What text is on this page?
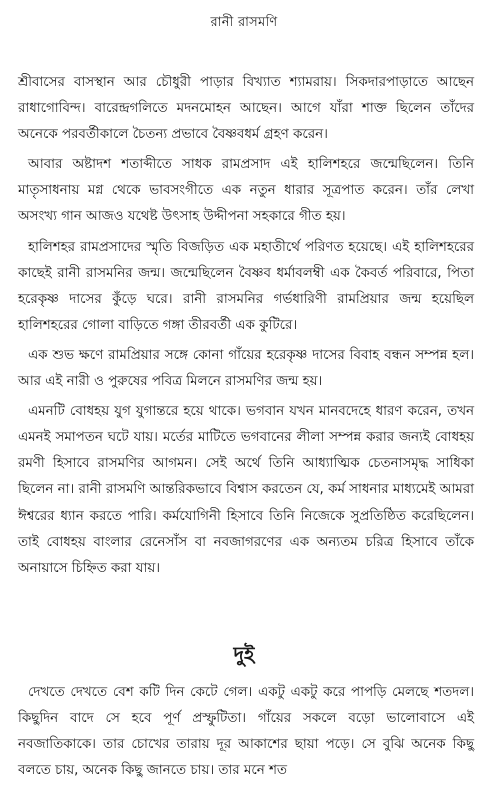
রানী রাসমণি

শ্রীবাসের বাসস্থান আর চৌধুরী পাড়ার বিখ্যাত শ্যামরায়। সিকদারপাড়াতে আছেন রাধাগোবিন্দ। বারেন্দ্রগলিতে মদনমোহন আছেন। আগে যাঁরা শাক্ত ছিলেন তাঁদের অনেকে পরবর্তীকালে চৈতন্য প্রভাবে বৈষ্ণবধর্ম গ্রহণ করেন।

আবার অষ্টাদশ শতাব্দীতে সাধক রামপ্রসাদ এই হালিশহরে জন্মেছিলেন। তিনি মাতৃসাধনায় মগ্ন থেকে ভাবসংগীতে এক নতুন ধারার সূত্রপাত করেন। তাঁর লেখা অসংখ্য গান আজও যথেষ্ট উৎসাহ উদ্দীপনা সহকারে গীত হয়।

হালিশহর রামপ্রসাদের স্মৃতি বিজড়িত এক মহাতীর্থে পরিণত হয়েছে। এই হালিশহরের কাছেই রানী রাসমনির জন্ম। জন্মেছিলেন বৈষ্ণব ধর্মাবলম্বী এক কৈবর্ত পরিবারে, পিতা হরেকৃষ্ণ দাসের কুঁড়ে ঘরে। রানী রাসমনির গর্ভধারিণী রামপ্রিয়ার জন্ম হয়েছিল হালিশহরের গোলা বাড়িতে গঙ্গা তীরবর্তী এক কুটিরে।

এক শুভ ক্ষণে রামপ্রিয়ার সঙ্গে কোনা গাঁয়ের হরেকৃষ্ণ দাসের বিবাহ বন্ধন সম্পন্ন হল। আর এই নারী ও পুরুষের পবিত্র মিলনে রাসমণির জন্ম হয়।

এমনটি বোধহয় যুগ যুগান্তরে হয়ে থাকে। ভগবান যখন মানবদেহে ধারণ করেন, তখন এমনই সমাপতন ঘটে যায়। মর্তের মাটিতে ভগবানের লীলা সম্পন্ন করার জন্যই বোধহয় রমণী হিসাবে রাসমণির আগমন। সেই অর্থে তিনি আধ্যাত্মিক চেতনাসমৃদ্ধ সাধিকা ছিলেন না। রানী রাসমণি আন্তরিকভাবে বিশ্বাস করতেন যে, কর্ম সাধনার মাধ্যমেই আমরা ঈশ্বরের ধ্যান করতে পারি। কর্মযোগিনী হিসাবে তিনি নিজেকে সুপ্রতিষ্ঠিত করেছিলেন। তাই বোধহয় বাংলার রেনেসাঁস বা নবজাগরণের এক অন্যতম চরিত্র হিসাবে তাঁকে অনায়াসে চিহ্নিত করা যায়।

দুই

দেখতে দেখতে বেশ কটি দিন কেটে গেল। একটু একটু করে পাপড়ি মেলছে শতদল। কিছুদিন বাদে সে হবে পূর্ণ প্রস্ফুটিতা। গাঁয়ের সকলে বড়ো ভালোবাসে এই নবজাতিকাকে। তার চোখের তারায় দূর আকাশের ছায়া পড়ে। সে বুঝি অনেক কিছু বলতে চায়, অনেক কিছু জানতে চায়। তার মনে শত
